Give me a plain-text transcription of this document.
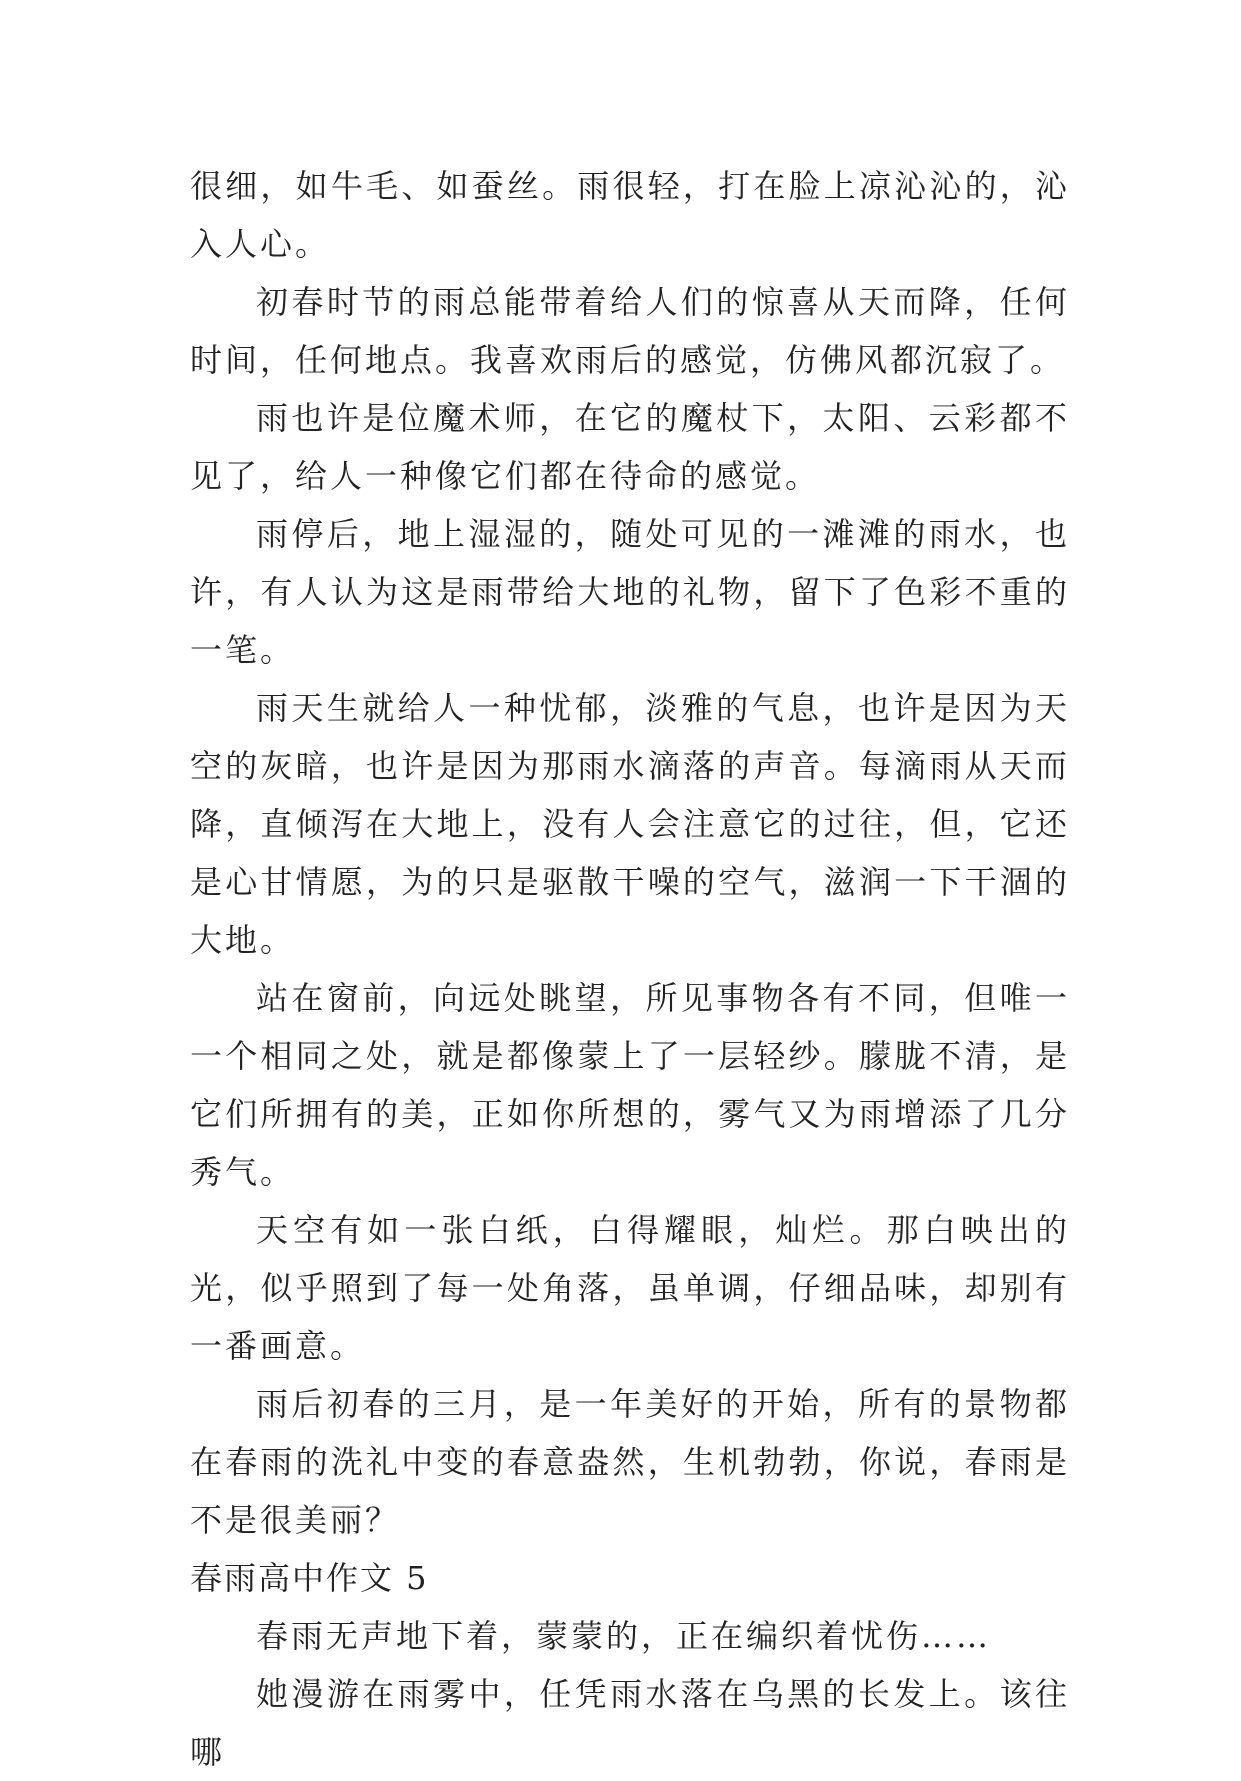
很细，如牛毛、如蚕丝。雨很轻，打在脸上凉沁沁的，沁入人心。

初春时节的雨总能带着给人们的惊喜从天而降，任何时间，任何地点。我喜欢雨后的感觉，仿佛风都沉寂了。

雨也许是位魔术师，在它的魔杖下，太阳、云彩都不见了，给人一种像它们都在待命的感觉。

雨停后，地上湿湿的，随处可见的一滩滩的雨水，也许，有人认为这是雨带给大地的礼物，留下了色彩不重的一笔。

雨天生就给人一种忧郁，淡雅的气息，也许是因为天空的灰暗，也许是因为那雨水滴落的声音。每滴雨从天而降，直倾泻在大地上，没有人会注意它的过往，但，它还是心甘情愿，为的只是驱散干噪的空气，滋润一下干涸的大地。

站在窗前，向远处眺望，所见事物各有不同，但唯一一个相同之处，就是都像蒙上了一层轻纱。朦胧不清，是它们所拥有的美，正如你所想的，雾气又为雨增添了几分秀气。

天空有如一张白纸，白得耀眼，灿烂。那白映出的光，似乎照到了每一处角落，虽单调，仔细品味，却别有一番画意。

雨后初春的三月，是一年美好的开始，所有的景物都在春雨的洗礼中变的春意盎然，生机勃勃，你说，春雨是不是很美丽？

春雨高中作文 5

春雨无声地下着，蒙蒙的，正在编织着忧伤……

她漫游在雨雾中，任凭雨水落在乌黑的长发上。该往哪
